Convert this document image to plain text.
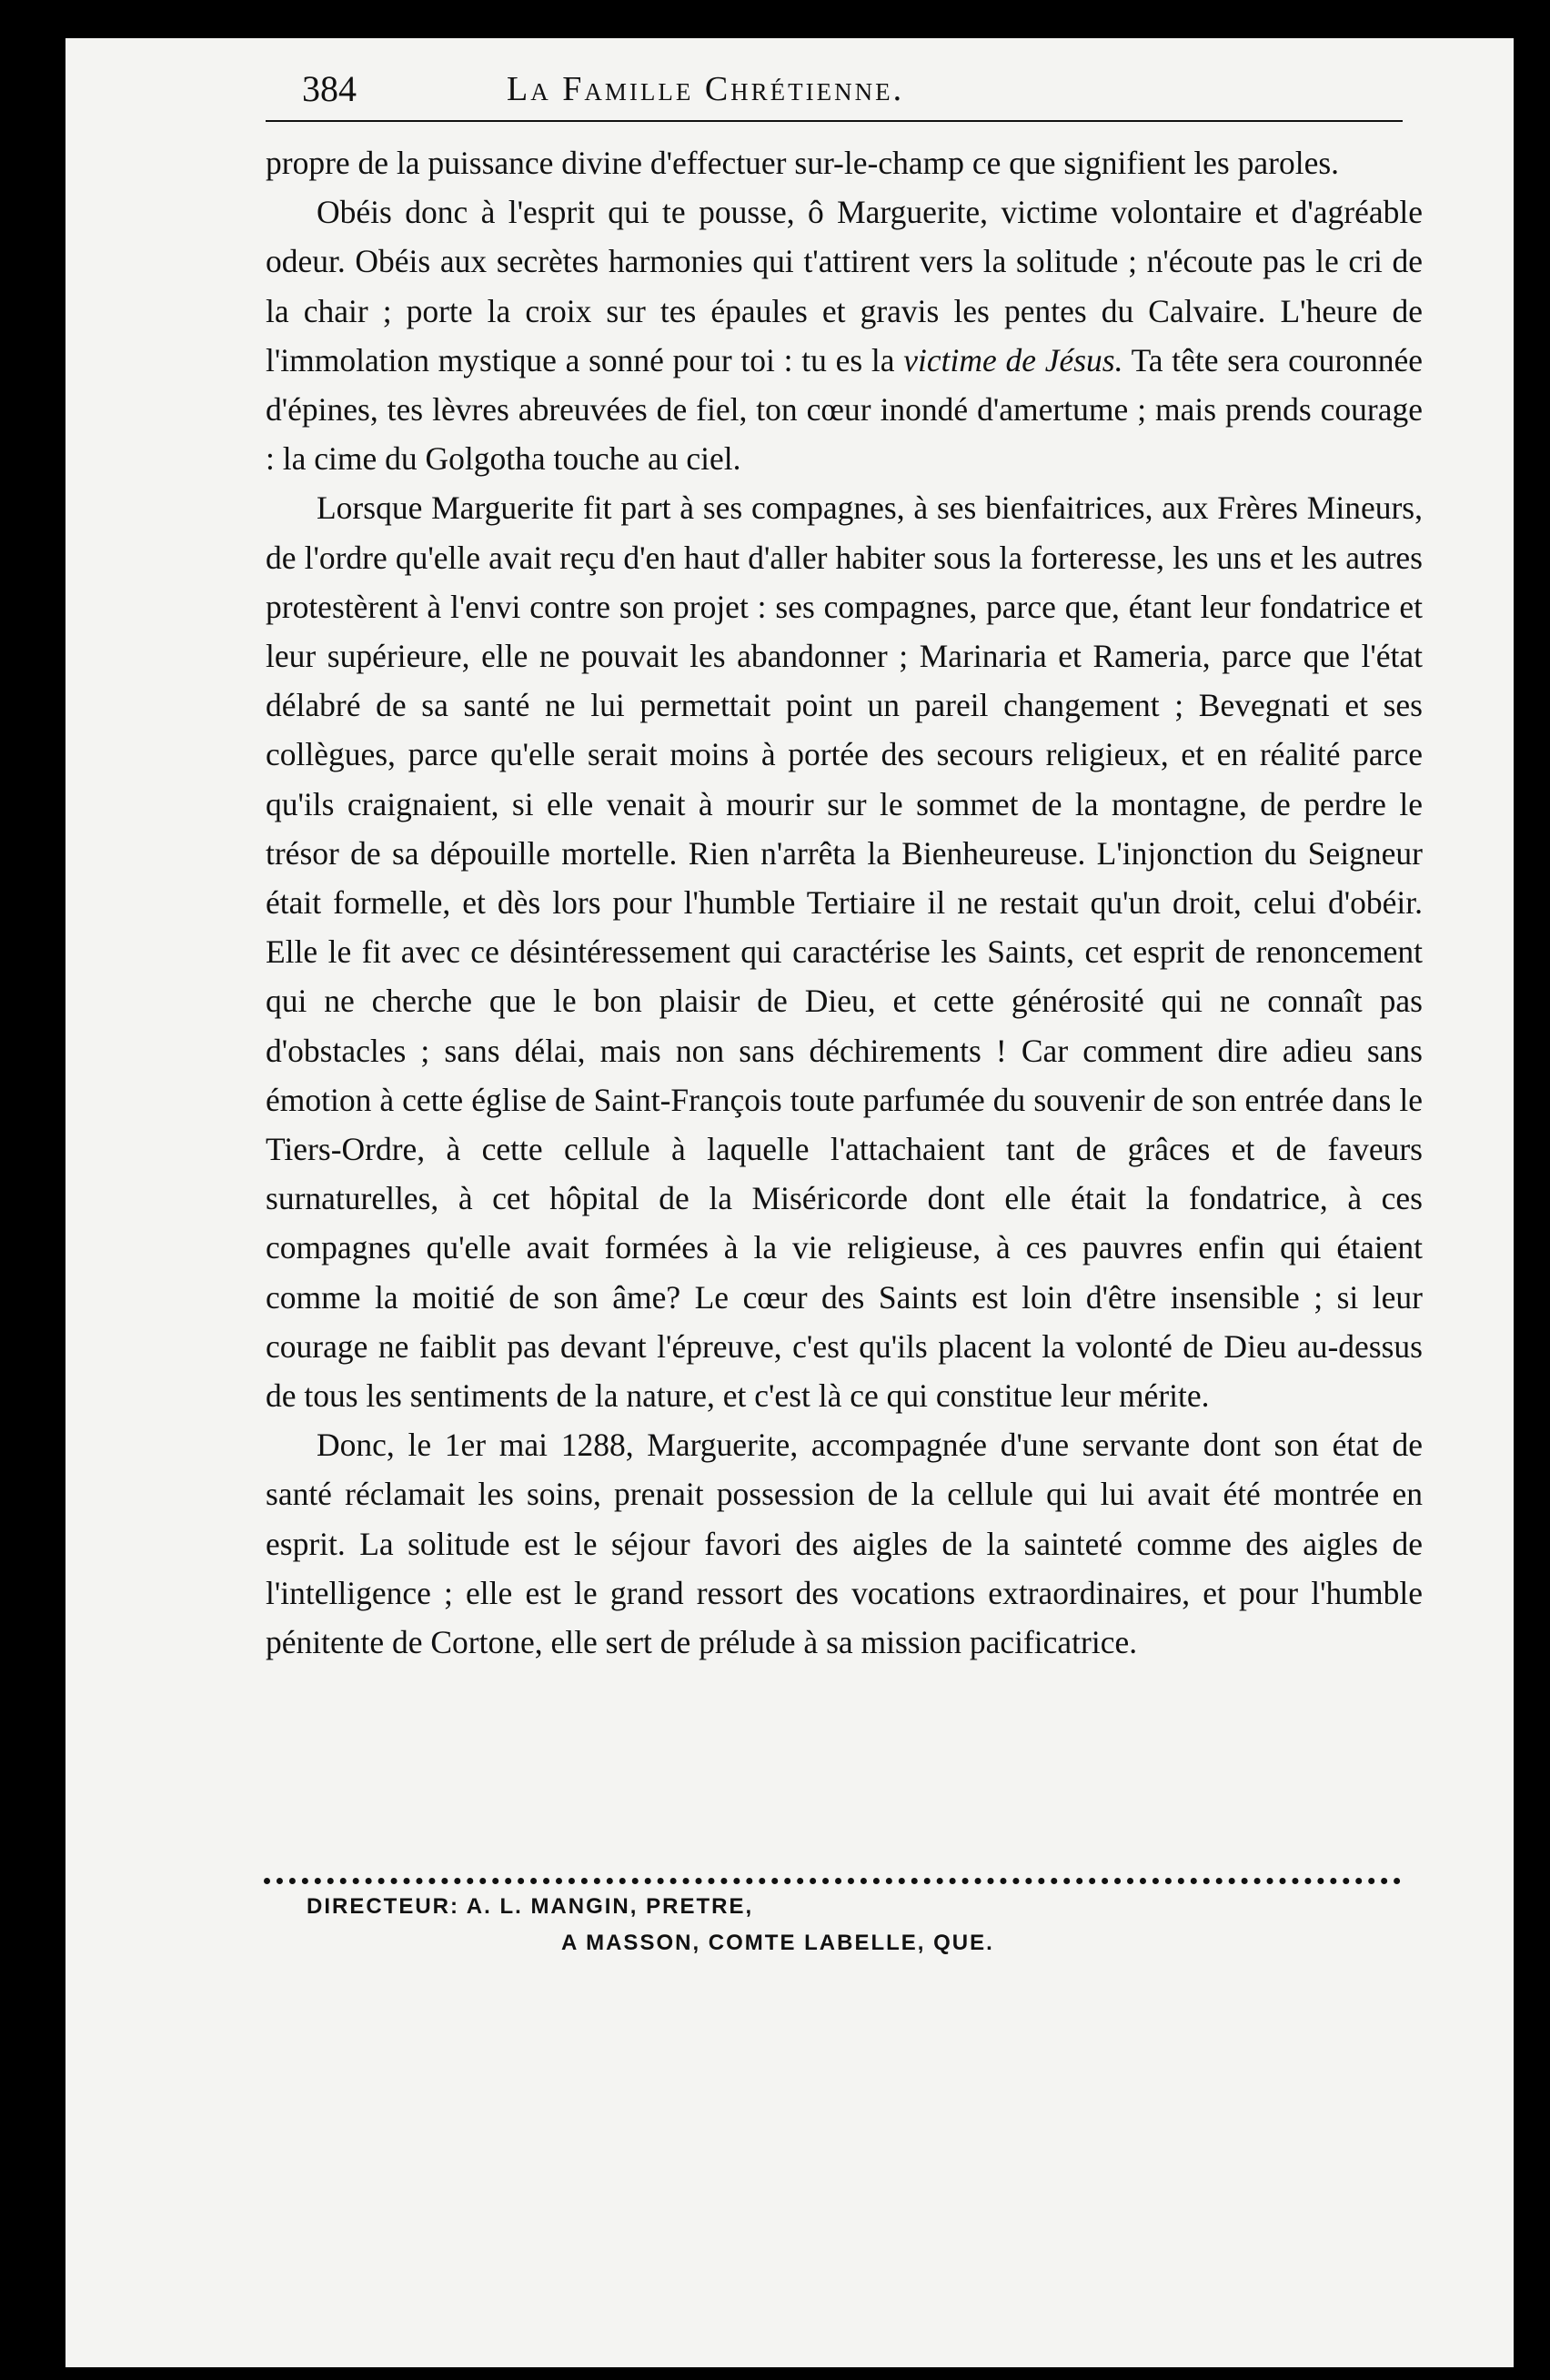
384	La Famille Chrétienne.

propre de la puissance divine d'effectuer sur-le-champ ce que signifient les paroles.

Obéis donc à l'esprit qui te pousse, ô Marguerite, victime volontaire et d'agréable odeur. Obéis aux secrètes harmonies qui t'attirent vers la solitude ; n'écoute pas le cri de la chair ; porte la croix sur tes épaules et gravis les pentes du Calvaire. L'heure de l'immolation mystique a sonné pour toi : tu es la victime de Jésus. Ta tête sera couronnée d'épines, tes lèvres abreuvées de fiel, ton cœur inondé d'amertume ; mais prends courage : la cime du Golgotha touche au ciel.

Lorsque Marguerite fit part à ses compagnes, à ses bienfaitrices, aux Frères Mineurs, de l'ordre qu'elle avait reçu d'en haut d'aller habiter sous la forteresse, les uns et les autres protestèrent à l'envi contre son projet : ses compagnes, parce que, étant leur fondatrice et leur supérieure, elle ne pouvait les abandonner ; Marinaria et Rameria, parce que l'état délabré de sa santé ne lui permettait point un pareil changement ; Bevegnati et ses collègues, parce qu'elle serait moins à portée des secours religieux, et en réalité parce qu'ils craignaient, si elle venait à mourir sur le sommet de la montagne, de perdre le trésor de sa dépouille mortelle. Rien n'arrêta la Bienheureuse. L'injonction du Seigneur était formelle, et dès lors pour l'humble Tertiaire il ne restait qu'un droit, celui d'obéir. Elle le fit avec ce désintéressement qui caractérise les Saints, cet esprit de renoncement qui ne cherche que le bon plaisir de Dieu, et cette générosité qui ne connaît pas d'obstacles ; sans délai, mais non sans déchirements ! Car comment dire adieu sans émotion à cette église de Saint-François toute parfumée du souvenir de son entrée dans le Tiers-Ordre, à cette cellule à laquelle l'attachaient tant de grâces et de faveurs surnaturelles, à cet hôpital de la Miséricorde dont elle était la fondatrice, à ces compagnes qu'elle avait formées à la vie religieuse, à ces pauvres enfin qui étaient comme la moitié de son âme? Le cœur des Saints est loin d'être insensible ; si leur courage ne faiblit pas devant l'épreuve, c'est qu'ils placent la volonté de Dieu au-dessus de tous les sentiments de la nature, et c'est là ce qui constitue leur mérite.

Donc, le 1er mai 1288, Marguerite, accompagnée d'une servante dont son état de santé réclamait les soins, prenait possession de la cellule qui lui avait été montrée en esprit. La solitude est le séjour favori des aigles de la sainteté comme des aigles de l'intelligence ; elle est le grand ressort des vocations extraordinaires, et pour l'humble pénitente de Cortone, elle sert de prélude à sa mission pacificatrice.

DIRECTEUR: A. L. MANGIN, PRETRE,
A MASSON, COMTE LABELLE, QUE.
